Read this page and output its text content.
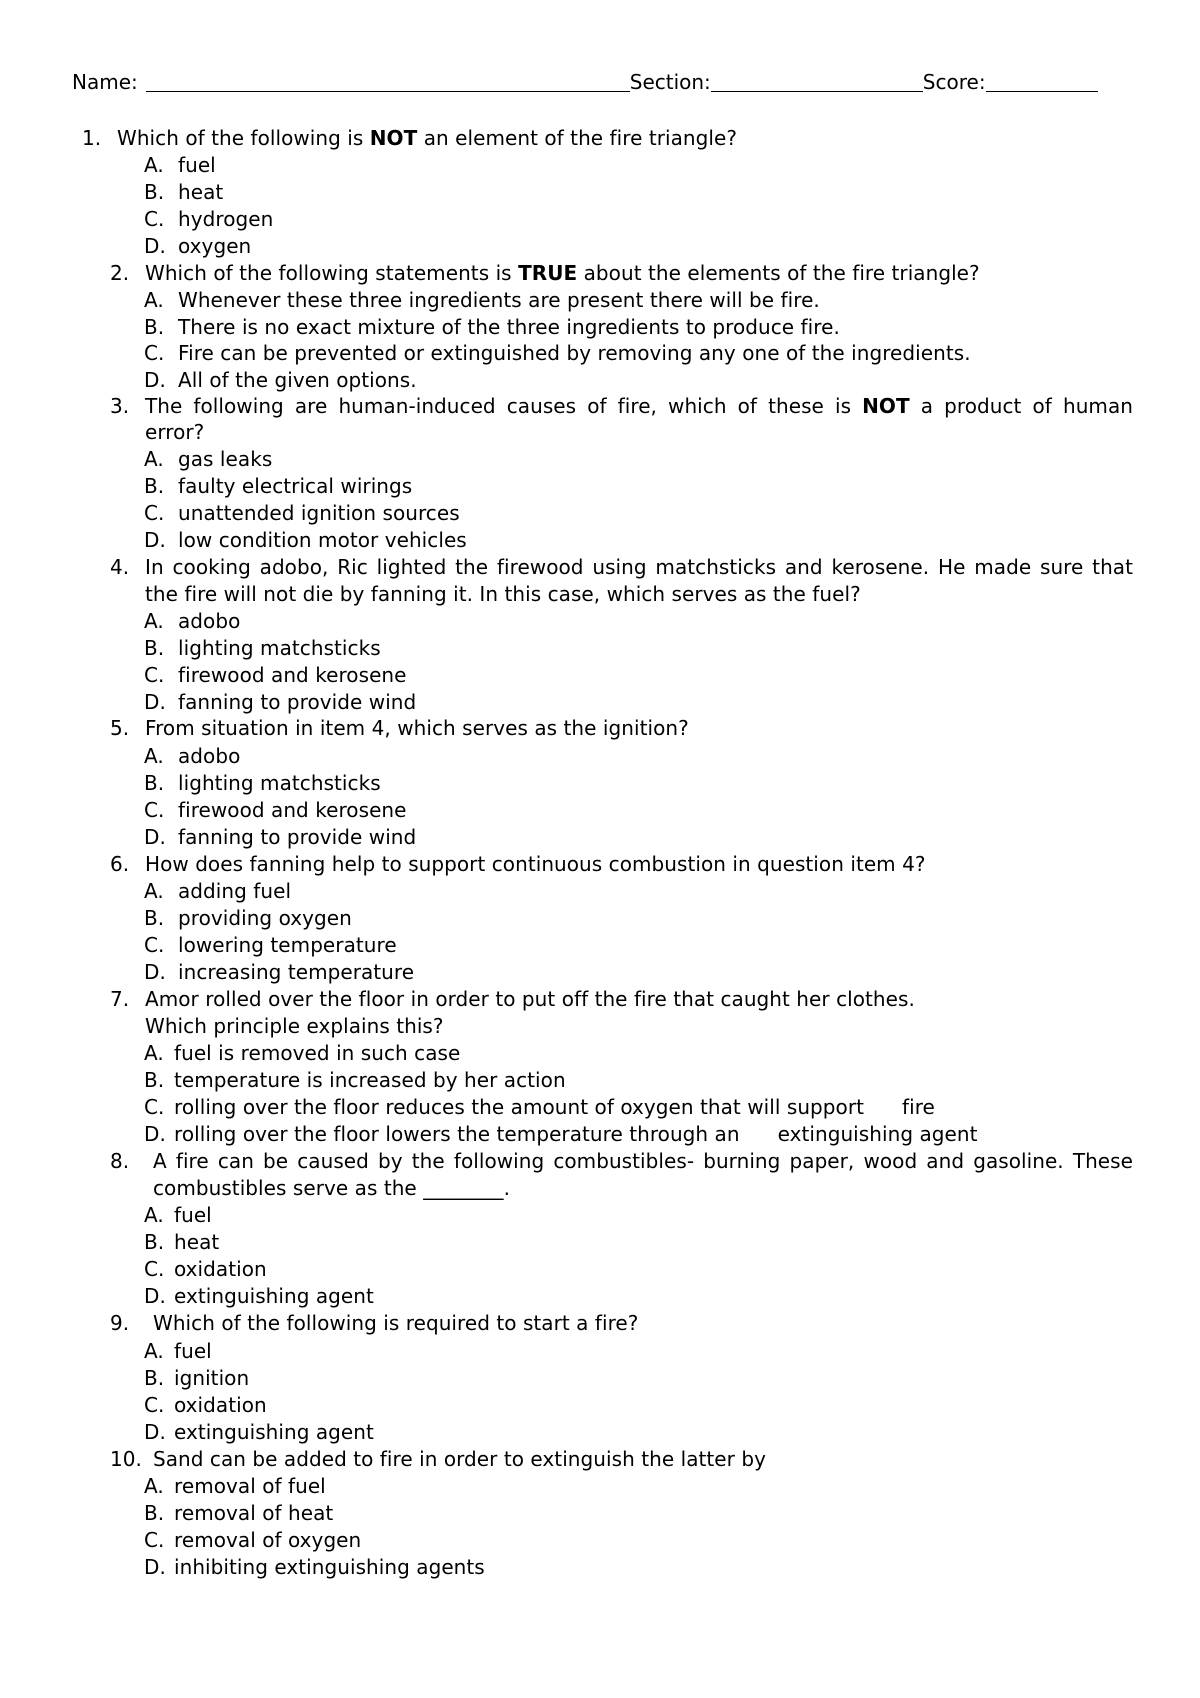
Name:	Section:	Score:
1. Which of the following is NOT an element of the fire triangle?
A. fuel
B. heat
C. hydrogen
D. oxygen
2. Which of the following statements is TRUE about the elements of the fire triangle?
A. Whenever these three ingredients are present there will be fire.
B. There is no exact mixture of the three ingredients to produce fire.
C. Fire can be prevented or extinguished by removing any one of the ingredients.
D. All of the given options.
3. The following are human-induced causes of fire, which of these is NOT a product of human
error?
A. gas leaks
B. faulty electrical wirings
C. unattended ignition sources
D. low condition motor vehicles
4. In cooking adobo, Ric lighted the firewood using matchsticks and kerosene. He made sure that
the fire will not die by fanning it. In this case, which serves as the fuel?
A. adobo
B. lighting matchsticks
C. firewood and kerosene
D. fanning to provide wind
5. From situation in item 4, which serves as the ignition?
A. adobo
B. lighting matchsticks
C. firewood and kerosene
D. fanning to provide wind
6. How does fanning help to support continuous combustion in question item 4?
A. adding fuel
B. providing oxygen
C. lowering temperature
D. increasing temperature
7. Amor rolled over the floor in order to put off the fire that caught her clothes.
Which principle explains this?
A. fuel is removed in such case
B. temperature is increased by her action
C. rolling over the floor reduces the amount of oxygen that will support fire
D. rolling over the floor lowers the temperature through an extinguishing agent
8. A fire can be caused by the following combustibles- burning paper, wood and gasoline. These
combustibles serve as the ________.
A. fuel
B. heat
C. oxidation
D. extinguishing agent
9. Which of the following is required to start a fire?
A. fuel
B. ignition
C. oxidation
D. extinguishing agent
10. Sand can be added to fire in order to extinguish the latter by
A. removal of fuel
B. removal of heat
C. removal of oxygen
D. inhibiting extinguishing agents
